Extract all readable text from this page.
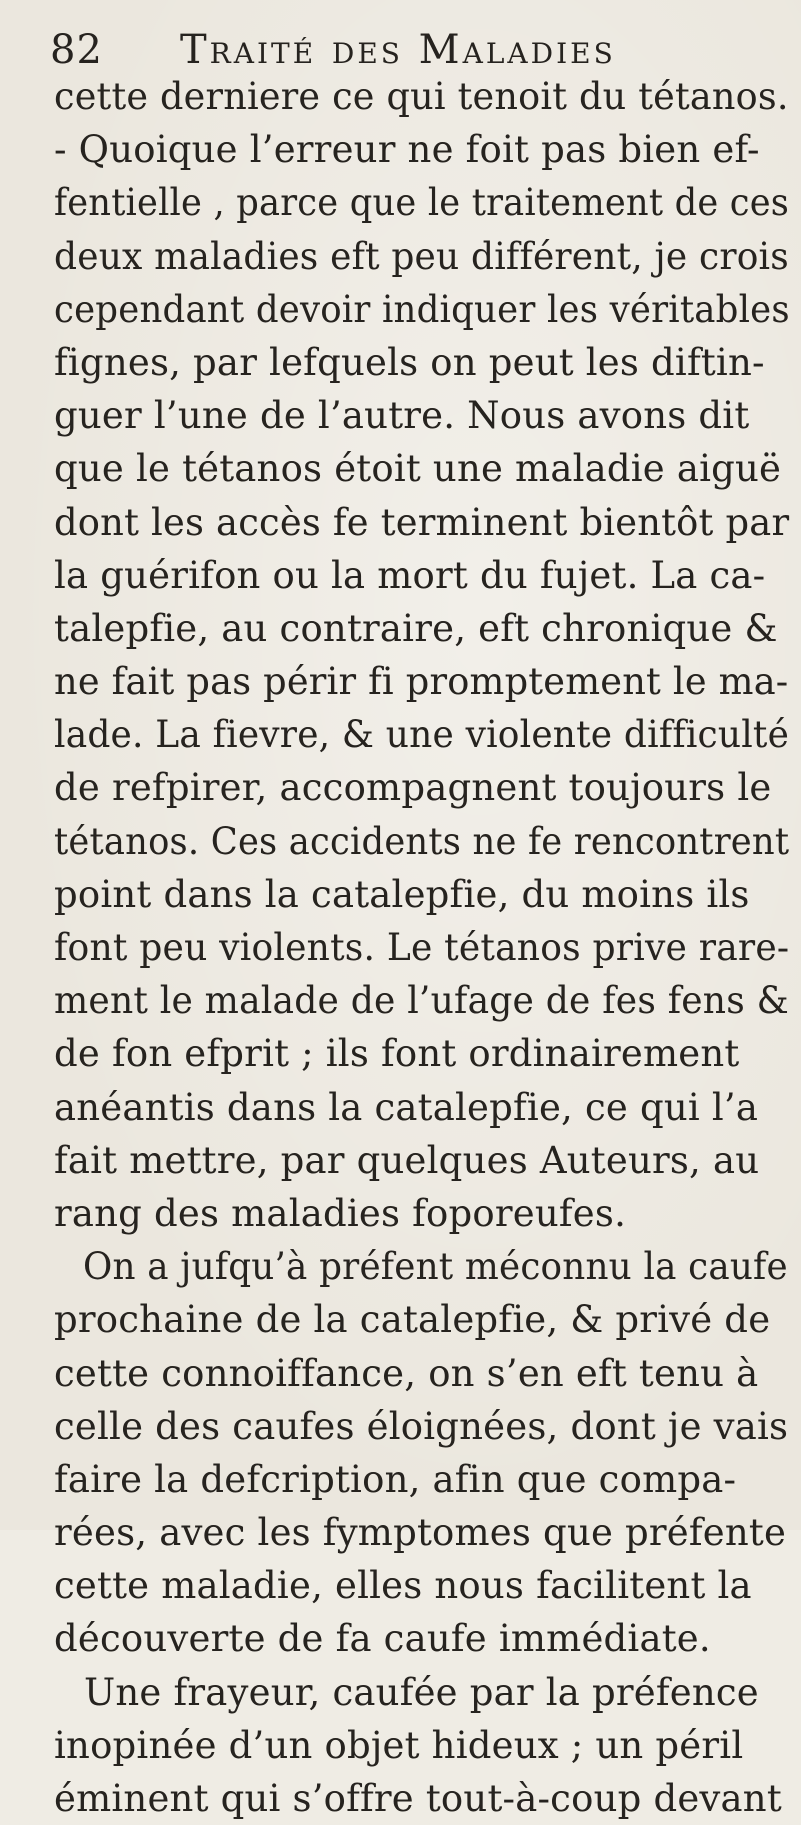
82 Traité des Maladies
cette derniere ce qui tenoit du tétanos.
- Quoique l’erreur ne foit pas bien ef-
fentielle , parce que le traitement de ces
deux maladies eft peu différent, je crois
cependant devoir indiquer les véritables
fignes, par lefquels on peut les diftin-
guer l’une de l’autre. Nous avons dit
que le tétanos étoit une maladie aiguë
dont les accès fe terminent bientôt par
la guérifon ou la mort du fujet. La ca-
talepfie, au contraire, eft chronique &
ne fait pas périr fi promptement le ma-
lade. La fievre, & une violente difficulté
de refpirer, accompagnent toujours le
tétanos. Ces accidents ne fe rencontrent
point dans la catalepfie, du moins ils
font peu violents. Le tétanos prive rare-
ment le malade de l’ufage de fes fens &
de fon efprit ; ils font ordinairement
anéantis dans la catalepfie, ce qui l’a
fait mettre, par quelques Auteurs, au
rang des maladies foporeufes.
On a jufqu’à préfent méconnu la caufe
prochaine de la catalepfie, & privé de
cette connoiffance, on s’en eft tenu à
celle des caufes éloignées, dont je vais
faire la defcription, afin que compa-
rées, avec les fymptomes que préfente
cette maladie, elles nous facilitent la
découverte de fa caufe immédiate.
Une frayeur, caufée par la préfence
inopinée d’un objet hideux ; un péril
éminent qui s’offre tout-à-coup devant
